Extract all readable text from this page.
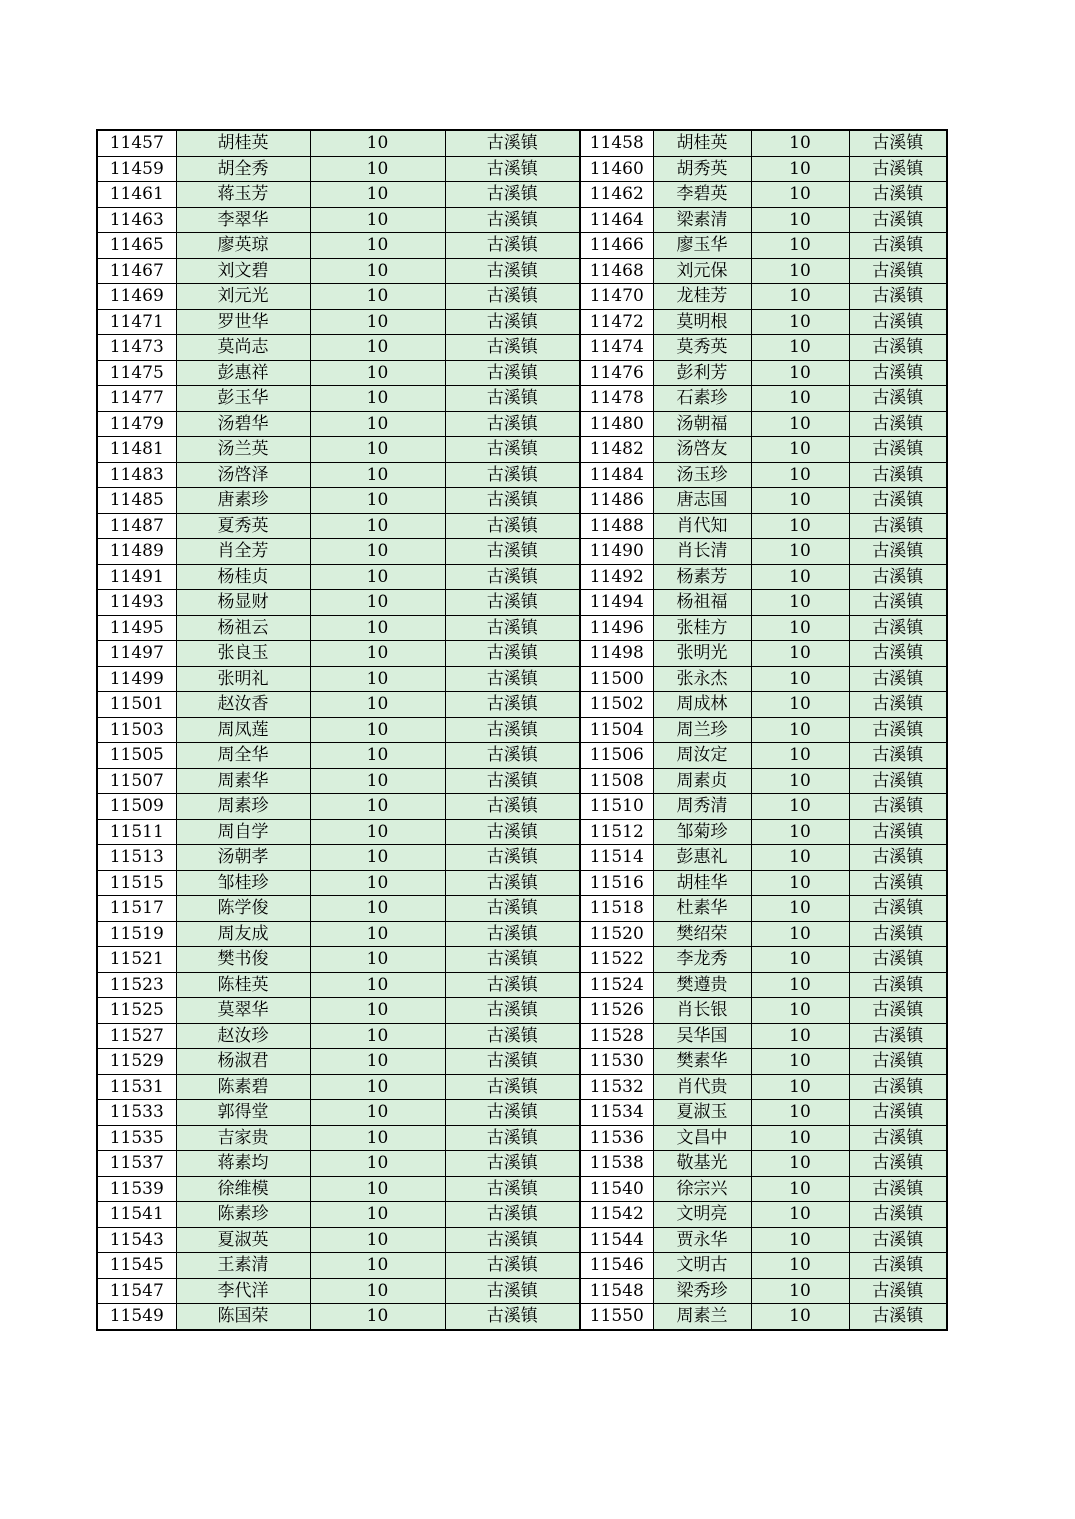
11457	胡桂英	10	古溪镇	11458	胡桂英	10	古溪镇
11459	胡全秀	10	古溪镇	11460	胡秀英	10	古溪镇
11461	蒋玉芳	10	古溪镇	11462	李碧英	10	古溪镇
11463	李翠华	10	古溪镇	11464	梁素清	10	古溪镇
11465	廖英琼	10	古溪镇	11466	廖玉华	10	古溪镇
11467	刘文碧	10	古溪镇	11468	刘元保	10	古溪镇
11469	刘元光	10	古溪镇	11470	龙桂芳	10	古溪镇
11471	罗世华	10	古溪镇	11472	莫明根	10	古溪镇
11473	莫尚志	10	古溪镇	11474	莫秀英	10	古溪镇
11475	彭惠祥	10	古溪镇	11476	彭利芳	10	古溪镇
11477	彭玉华	10	古溪镇	11478	石素珍	10	古溪镇
11479	汤碧华	10	古溪镇	11480	汤朝福	10	古溪镇
11481	汤兰英	10	古溪镇	11482	汤啓友	10	古溪镇
11483	汤啓泽	10	古溪镇	11484	汤玉珍	10	古溪镇
11485	唐素珍	10	古溪镇	11486	唐志国	10	古溪镇
11487	夏秀英	10	古溪镇	11488	肖代知	10	古溪镇
11489	肖全芳	10	古溪镇	11490	肖长清	10	古溪镇
11491	杨桂贞	10	古溪镇	11492	杨素芳	10	古溪镇
11493	杨显财	10	古溪镇	11494	杨祖福	10	古溪镇
11495	杨祖云	10	古溪镇	11496	张桂方	10	古溪镇
11497	张良玉	10	古溪镇	11498	张明光	10	古溪镇
11499	张明礼	10	古溪镇	11500	张永杰	10	古溪镇
11501	赵汝香	10	古溪镇	11502	周成林	10	古溪镇
11503	周凤莲	10	古溪镇	11504	周兰珍	10	古溪镇
11505	周全华	10	古溪镇	11506	周汝定	10	古溪镇
11507	周素华	10	古溪镇	11508	周素贞	10	古溪镇
11509	周素珍	10	古溪镇	11510	周秀清	10	古溪镇
11511	周自学	10	古溪镇	11512	邹菊珍	10	古溪镇
11513	汤朝孝	10	古溪镇	11514	彭惠礼	10	古溪镇
11515	邹桂珍	10	古溪镇	11516	胡桂华	10	古溪镇
11517	陈学俊	10	古溪镇	11518	杜素华	10	古溪镇
11519	周友成	10	古溪镇	11520	樊绍荣	10	古溪镇
11521	樊书俊	10	古溪镇	11522	李龙秀	10	古溪镇
11523	陈桂英	10	古溪镇	11524	樊遵贵	10	古溪镇
11525	莫翠华	10	古溪镇	11526	肖长银	10	古溪镇
11527	赵汝珍	10	古溪镇	11528	吴华国	10	古溪镇
11529	杨淑君	10	古溪镇	11530	樊素华	10	古溪镇
11531	陈素碧	10	古溪镇	11532	肖代贵	10	古溪镇
11533	郭得堂	10	古溪镇	11534	夏淑玉	10	古溪镇
11535	吉家贵	10	古溪镇	11536	文昌中	10	古溪镇
11537	蒋素均	10	古溪镇	11538	敬基光	10	古溪镇
11539	徐维模	10	古溪镇	11540	徐宗兴	10	古溪镇
11541	陈素珍	10	古溪镇	11542	文明亮	10	古溪镇
11543	夏淑英	10	古溪镇	11544	贾永华	10	古溪镇
11545	王素清	10	古溪镇	11546	文明古	10	古溪镇
11547	李代洋	10	古溪镇	11548	梁秀珍	10	古溪镇
11549	陈国荣	10	古溪镇	11550	周素兰	10	古溪镇
